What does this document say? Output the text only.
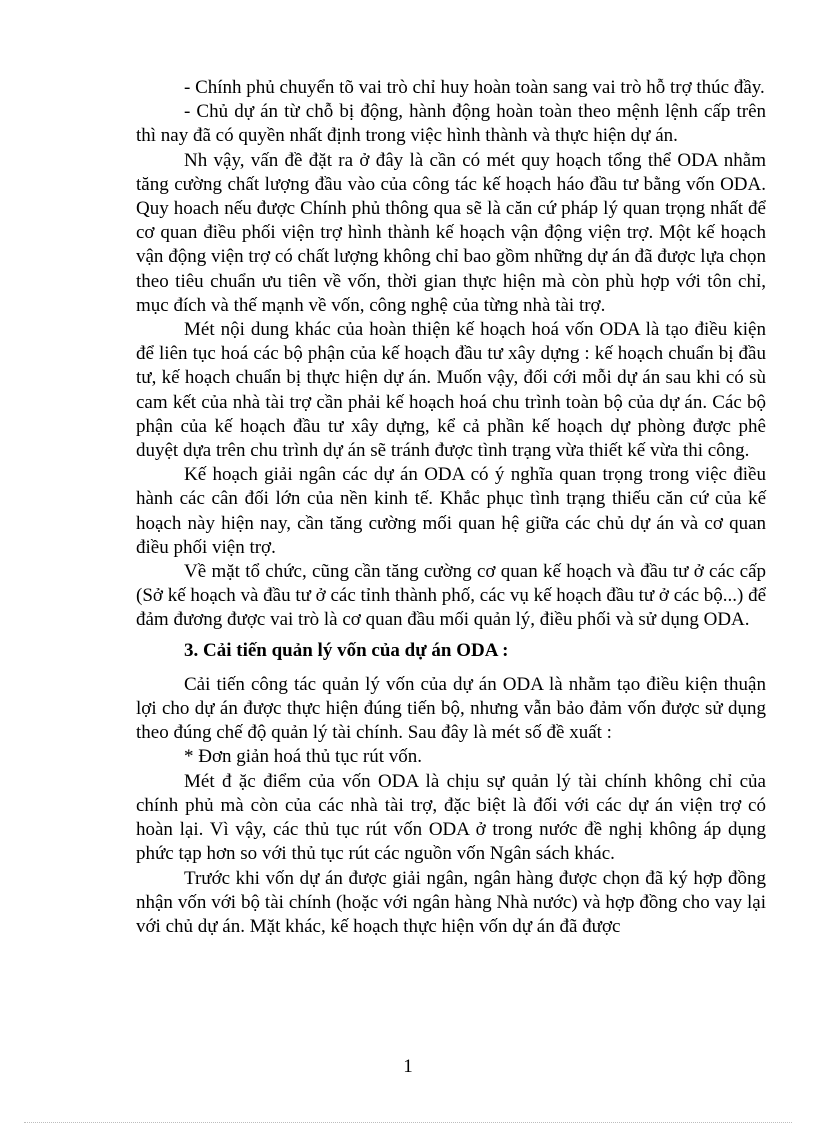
- Chính phủ chuyển tõ vai trò chỉ huy hoàn toàn sang vai trò hỗ trợ thúc đầy.

- Chủ dự án từ chỗ bị động, hành động hoàn toàn theo mệnh lệnh cấp trên thì nay đã có quyền nhất định trong việc hình thành và thực hiện dự án.

Nh vậy, vấn đề đặt ra ở đây là cần có mét quy hoạch tổng thể ODA nhằm tăng cường chất lượng đầu vào của công tác kế hoạch háo đầu tư bằng vốn ODA. Quy hoach nếu được Chính phủ thông qua sẽ là căn cứ pháp lý quan trọng nhất để cơ quan điều phối viện trợ hình thành kế hoạch vận động viện trợ. Một kế hoạch vận động viện trợ có chất lượng không chỉ bao gồm những dự án đã được lựa chọn theo tiêu chuẩn ưu tiên về vốn, thời gian thực hiện mà còn phù hợp với tôn chỉ, mục đích và thế mạnh về vốn, công nghệ của từng nhà tài trợ.

Mét nội dung khác của hoàn thiện kế hoạch hoá vốn ODA là tạo điều kiện để liên tục hoá các bộ phận của kế hoạch đầu tư xây dựng : kế hoạch chuẩn bị đầu tư, kế hoạch chuẩn bị thực hiện dự án. Muốn vậy, đối cới mỗi dự án sau khi có sù cam kết của nhà tài trợ cần phải kế hoạch hoá chu trình toàn bộ của dự án. Các bộ phận của kế hoạch đầu tư xây dựng, kể cả phần kế hoạch dự phòng được phê duyệt dựa trên chu trình dự án sẽ tránh được tình trạng vừa thiết kế vừa thi công.

Kế hoạch giải ngân các dự án ODA có ý nghĩa quan trọng trong việc điều hành các cân đối lớn của nền kinh tế. Khắc phục tình trạng thiếu căn cứ của kế hoạch này hiện nay, cần tăng cường mối quan hệ giữa các chủ dự án và cơ quan điều phối viện trợ.

Về mặt tổ chức, cũng cần tăng cường cơ quan kế hoạch và đầu tư ở các cấp (Sở kế hoạch và đầu tư ở các tỉnh thành phố, các vụ kế hoạch đầu tư ở các bộ...) để đảm đương được vai trò là cơ quan đầu mối quản lý, điều phối và sử dụng ODA.

3. Cải tiến quản lý vốn của dự án ODA :

Cải tiến công tác quản lý vốn của dự án ODA là nhằm tạo điều kiện thuận lợi cho dự án được thực hiện đúng tiến bộ, nhưng vẫn bảo đảm vốn được sử dụng theo đúng chế độ quản lý tài chính. Sau đây là mét số đề xuất :

* Đơn giản hoá thủ tục rút vốn.

Mét đ ặc điểm của vốn ODA là chịu sự quản lý tài chính không chỉ của chính phủ mà còn của các nhà tài trợ, đặc biệt là đối với các dự án viện trợ có hoàn lại. Vì vậy, các thủ tục rút vốn ODA ở trong nước đề nghị không áp dụng phức tạp hơn so với thủ tục rút các nguồn vốn Ngân sách khác.

Trước khi vốn dự án được giải ngân, ngân hàng được chọn đã ký hợp đồng nhận vốn với bộ tài chính (hoặc với ngân hàng Nhà nước) và hợp đồng cho vay lại với chủ dự án. Mặt khác, kế hoạch thực hiện vốn dự án đã được

1
